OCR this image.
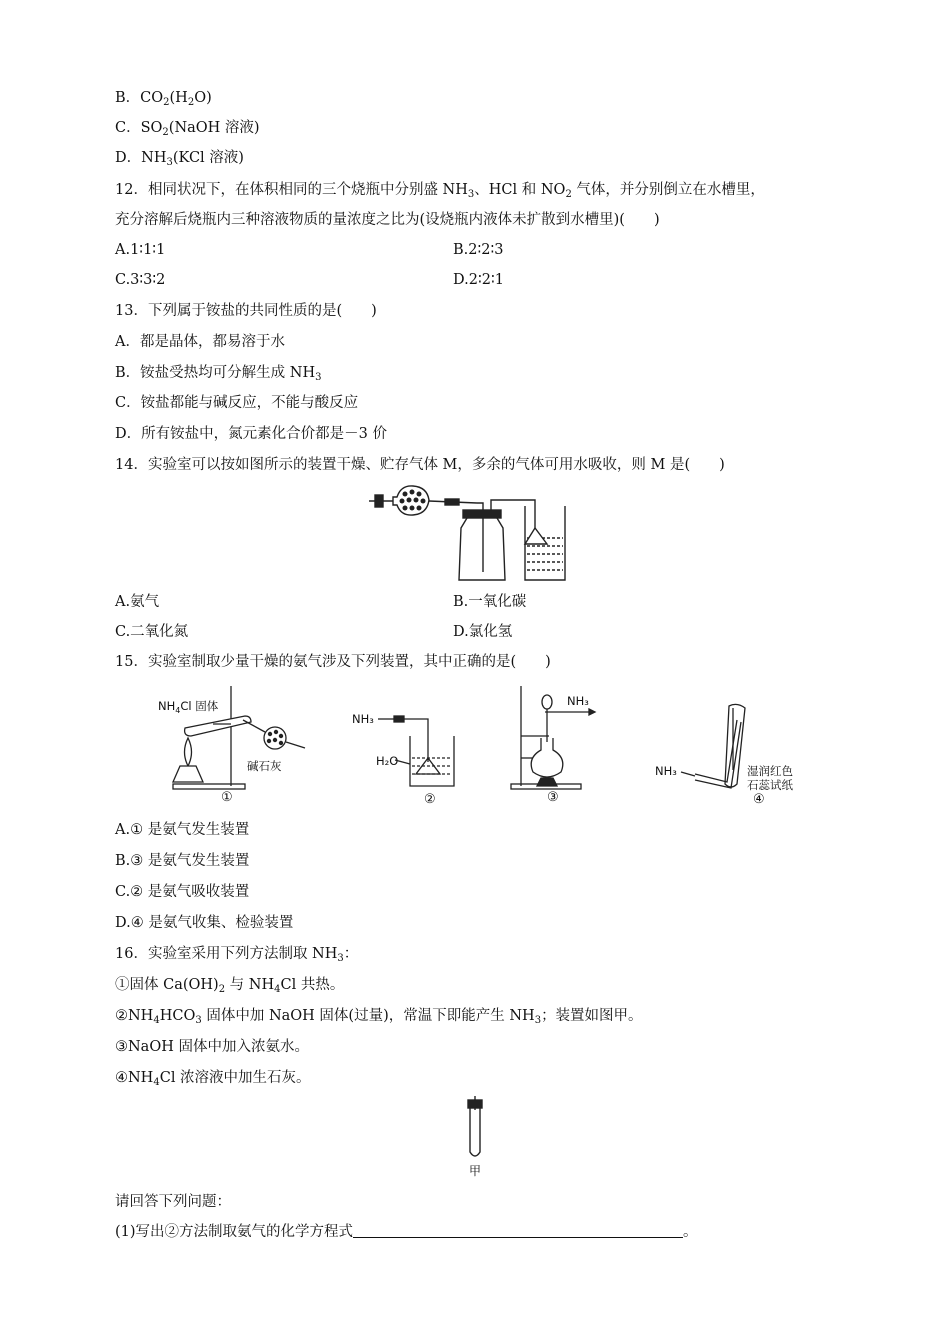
B．$CO_2(H_2O)$
C．$SO_2(NaOH$ 溶液)
D．$NH_3(KCl$ 溶液)
12．相同状况下，在体积相同的三个烧瓶中分别盛 $NH_3$、HCl 和 $NO_2$ 气体，并分别倒立在水槽里，
充分溶解后烧瓶内三种溶液物质的量浓度之比为(设烧瓶内液体未扩散到水槽里)(　　)
A.1∶1∶1	B.2∶2∶3
C.3∶3∶2	D.2∶2∶1
13．下列属于铵盐的共同性质的是(　　)
A．都是晶体，都易溶于水
B．铵盐受热均可分解生成 $NH_3$
C．铵盐都能与碱反应，不能与酸反应
D．所有铵盐中，氮元素化合价都是－3 价
14．实验室可以按如图所示的装置干燥、贮存气体 M，多余的气体可用水吸收，则 M 是(　　)
A.氨气	B.一氧化碳
C.二氧化氮	D.氯化氢
15．实验室制取少量干燥的氨气涉及下列装置，其中正确的是(　　)
$NH_4Cl$ 固体
碱石灰
①
NH₃
H₂O
②
NH₃
③
NH₃	湿润红色
石蕊试纸
④
A.① 是氨气发生装置
B.③ 是氨气发生装置
C.② 是氨气吸收装置
D.④ 是氨气收集、检验装置
16．实验室采用下列方法制取 $NH_3$：
①固体 $Ca(OH)_2$ 与 $NH_4Cl$ 共热。
$②NH_4HCO_3$ 固体中加 NaOH 固体(过量)，常温下即能产生 $NH_3$；装置如图甲。
③NaOH 固体中加入浓氨水。
$④NH_4Cl$ 浓溶液中加生石灰。
甲
请回答下列问题：
(1)写出②方法制取氨气的化学方程式	。
